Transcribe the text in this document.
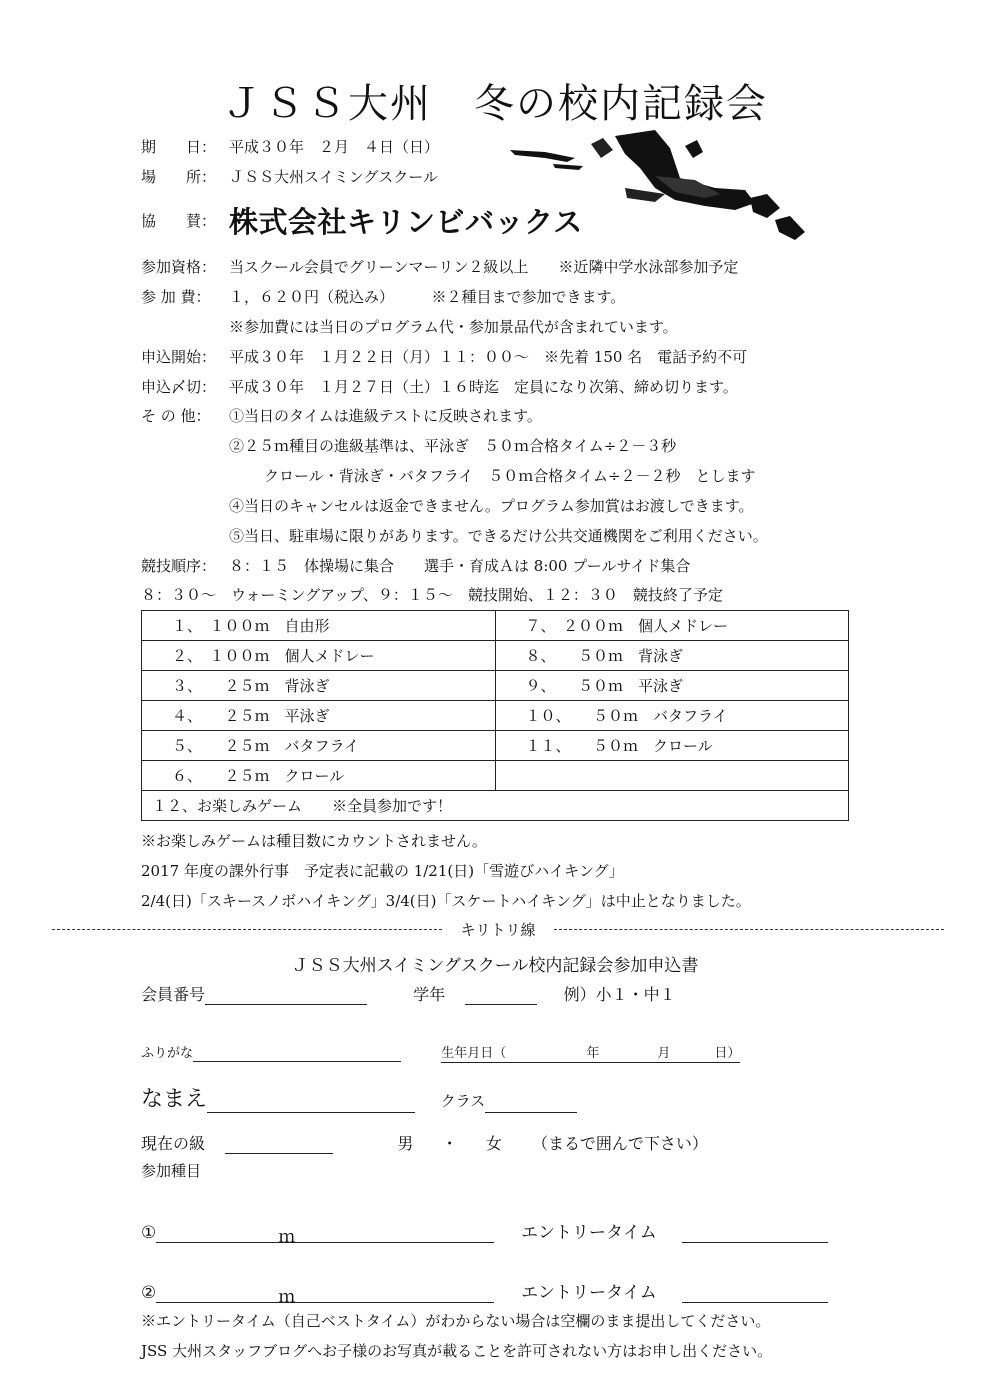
ＪＳＳ大州　冬の校内記録会
期　　日： 平成３０年　２月　４日（日）
場　　所： ＪＳＳ大州スイミングスクール
協　　賛： 株式会社キリンビバックス
参加資格： 当スクール会員でグリーンマーリン２級以上　　※近隣中学水泳部参加予定
参 加 費： １，６２０円（税込み）　　　※２種目まで参加できます。
※参加費には当日のプログラム代・参加景品代が含まれています。
申込開始： 平成３０年　１月２２日（月）１１：００～　※先着 150 名　電話予約不可
申込〆切： 平成３０年　１月２７日（土）１６時迄　定員になり次第、締め切ります。
そ の 他： ①当日のタイムは進級テストに反映されます。
②２５ｍ種目の進級基準は、平泳ぎ　５０ｍ合格タイム÷２－３秒
クロール・背泳ぎ・バタフライ　５０ｍ合格タイム÷２－２秒　とします
④当日のキャンセルは返金できません。プログラム参加賞はお渡しできます。
⑤当日、駐車場に限りがあります。できるだけ公共交通機関をご利用ください。
競技順序： ８：１５　体操場に集合　　選手・育成Ａは 8:00 プールサイド集合
８：３０～　ウォーミングアップ、９：１５～　競技開始、１２：３０　競技終了予定
１、　１００ｍ　自由形	７、　２００ｍ　個人メドレー
２、　１００ｍ　個人メドレー	８、　　５０ｍ　背泳ぎ
３、　　２５ｍ　背泳ぎ	９、　　５０ｍ　平泳ぎ
４、　　２５ｍ　平泳ぎ	１０、　　５０ｍ　バタフライ
５、　　２５ｍ　バタフライ	１１、　　５０ｍ　クロール
６、　　２５ｍ　クロール	
１２、お楽しみゲーム　　※全員参加です！	
※お楽しみゲームは種目数にカウントされません。
2017 年度の課外行事　予定表に記載の 1/21(日)「雪遊びハイキング」
2/4(日)「スキースノボハイキング」3/4(日)「スケートハイキング」は中止となりました。
キリトリ線
ＪＳＳ大州スイミングスクール校内記録会参加申込書
会員番号	学年	例）小１・中１
ふりがな	生年月日（	年	月	日）
なまえ	クラス
現在の級	男 ・ 女 （まるで囲んで下さい）
参加種目
①	ｍ	エントリータイム
②	ｍ	エントリータイム
※エントリータイム（自己ベストタイム）がわからない場合は空欄のまま提出してください。
JSS 大州スタッフブログへお子様のお写真が載ることを許可されない方はお申し出ください。
